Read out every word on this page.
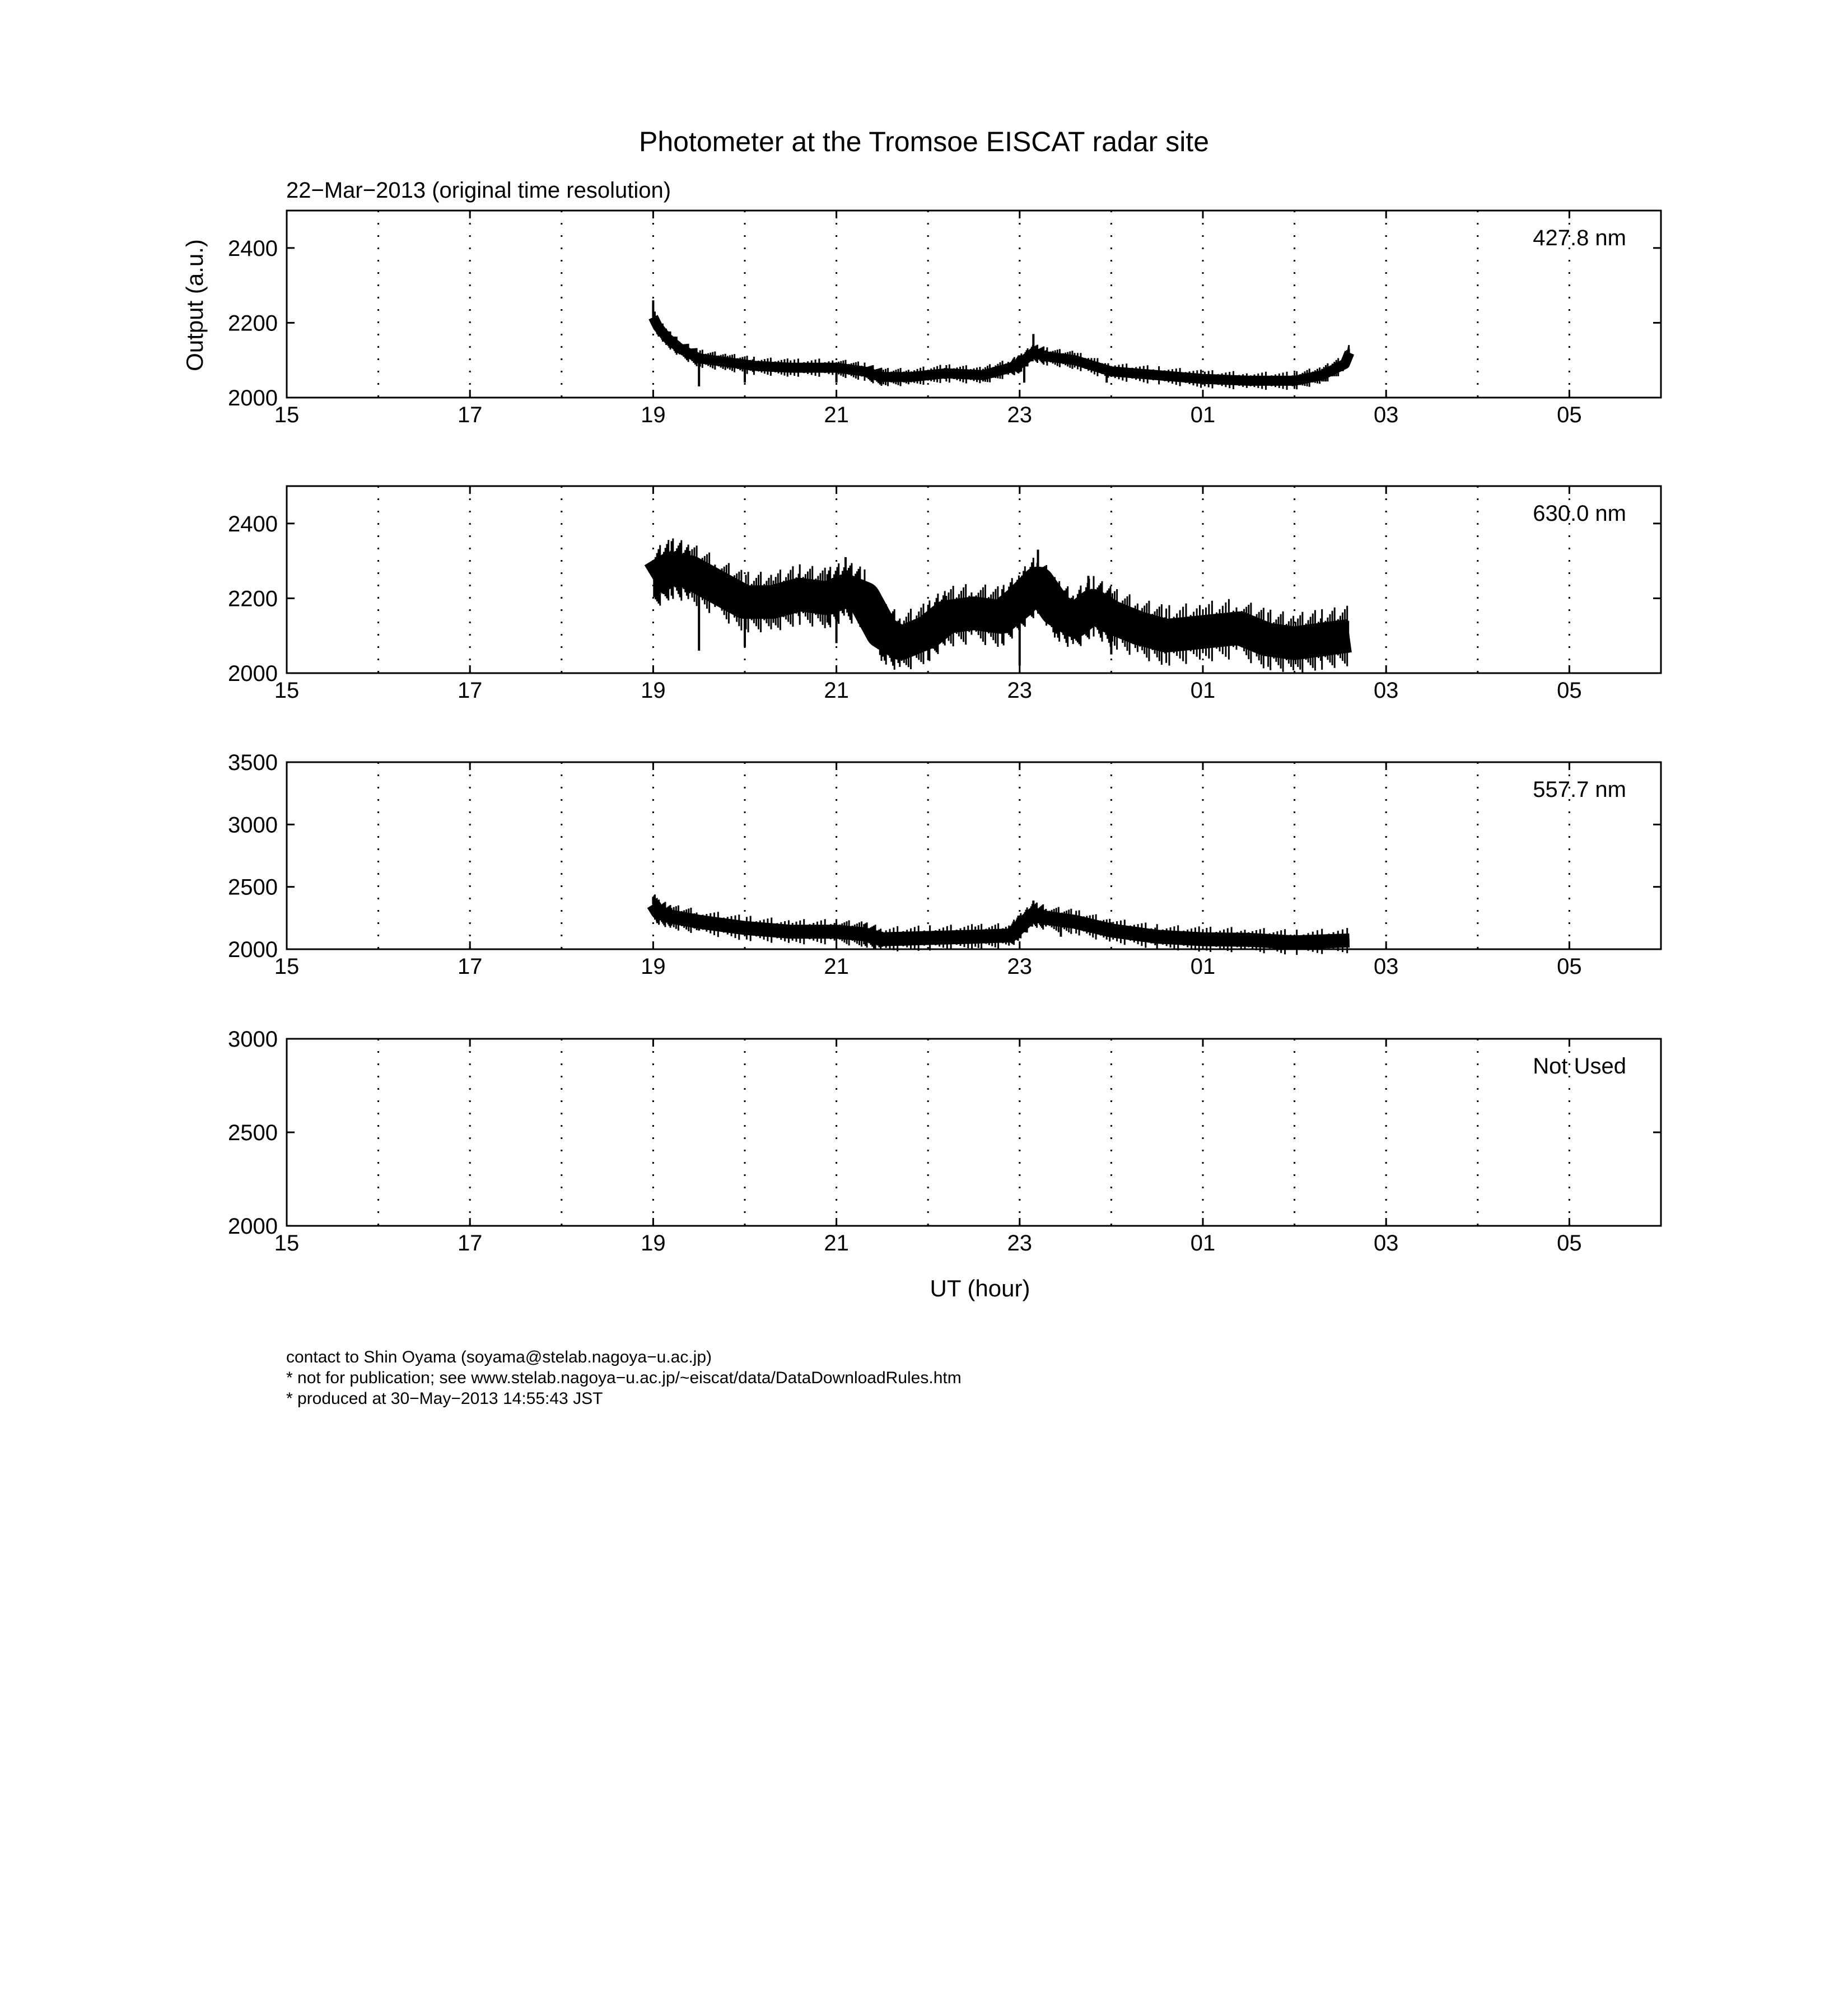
Photometer at the Tromsoe EISCAT radar site
22−Mar−2013 (original time resolution)
15	17	19	21	23	01	03	05
2000
2200
2400	427.8 nm
15	17	19	21	23	01	03	05
2000
2200
2400	630.0 nm
15	17	19	21	23	01	03	05
2000
2500
3000
3500
557.7 nm
15	17	19	21	23	01	03	05
2000
2500
3000
Not Used
UT (hour)
Output (a.u.)
contact to Shin Oyama (soyama@stelab.nagoya−u.ac.jp)
* not for publication; see www.stelab.nagoya−u.ac.jp/~eiscat/data/DataDownloadRules.htm
* produced at 30−May−2013 14:55:43 JST
